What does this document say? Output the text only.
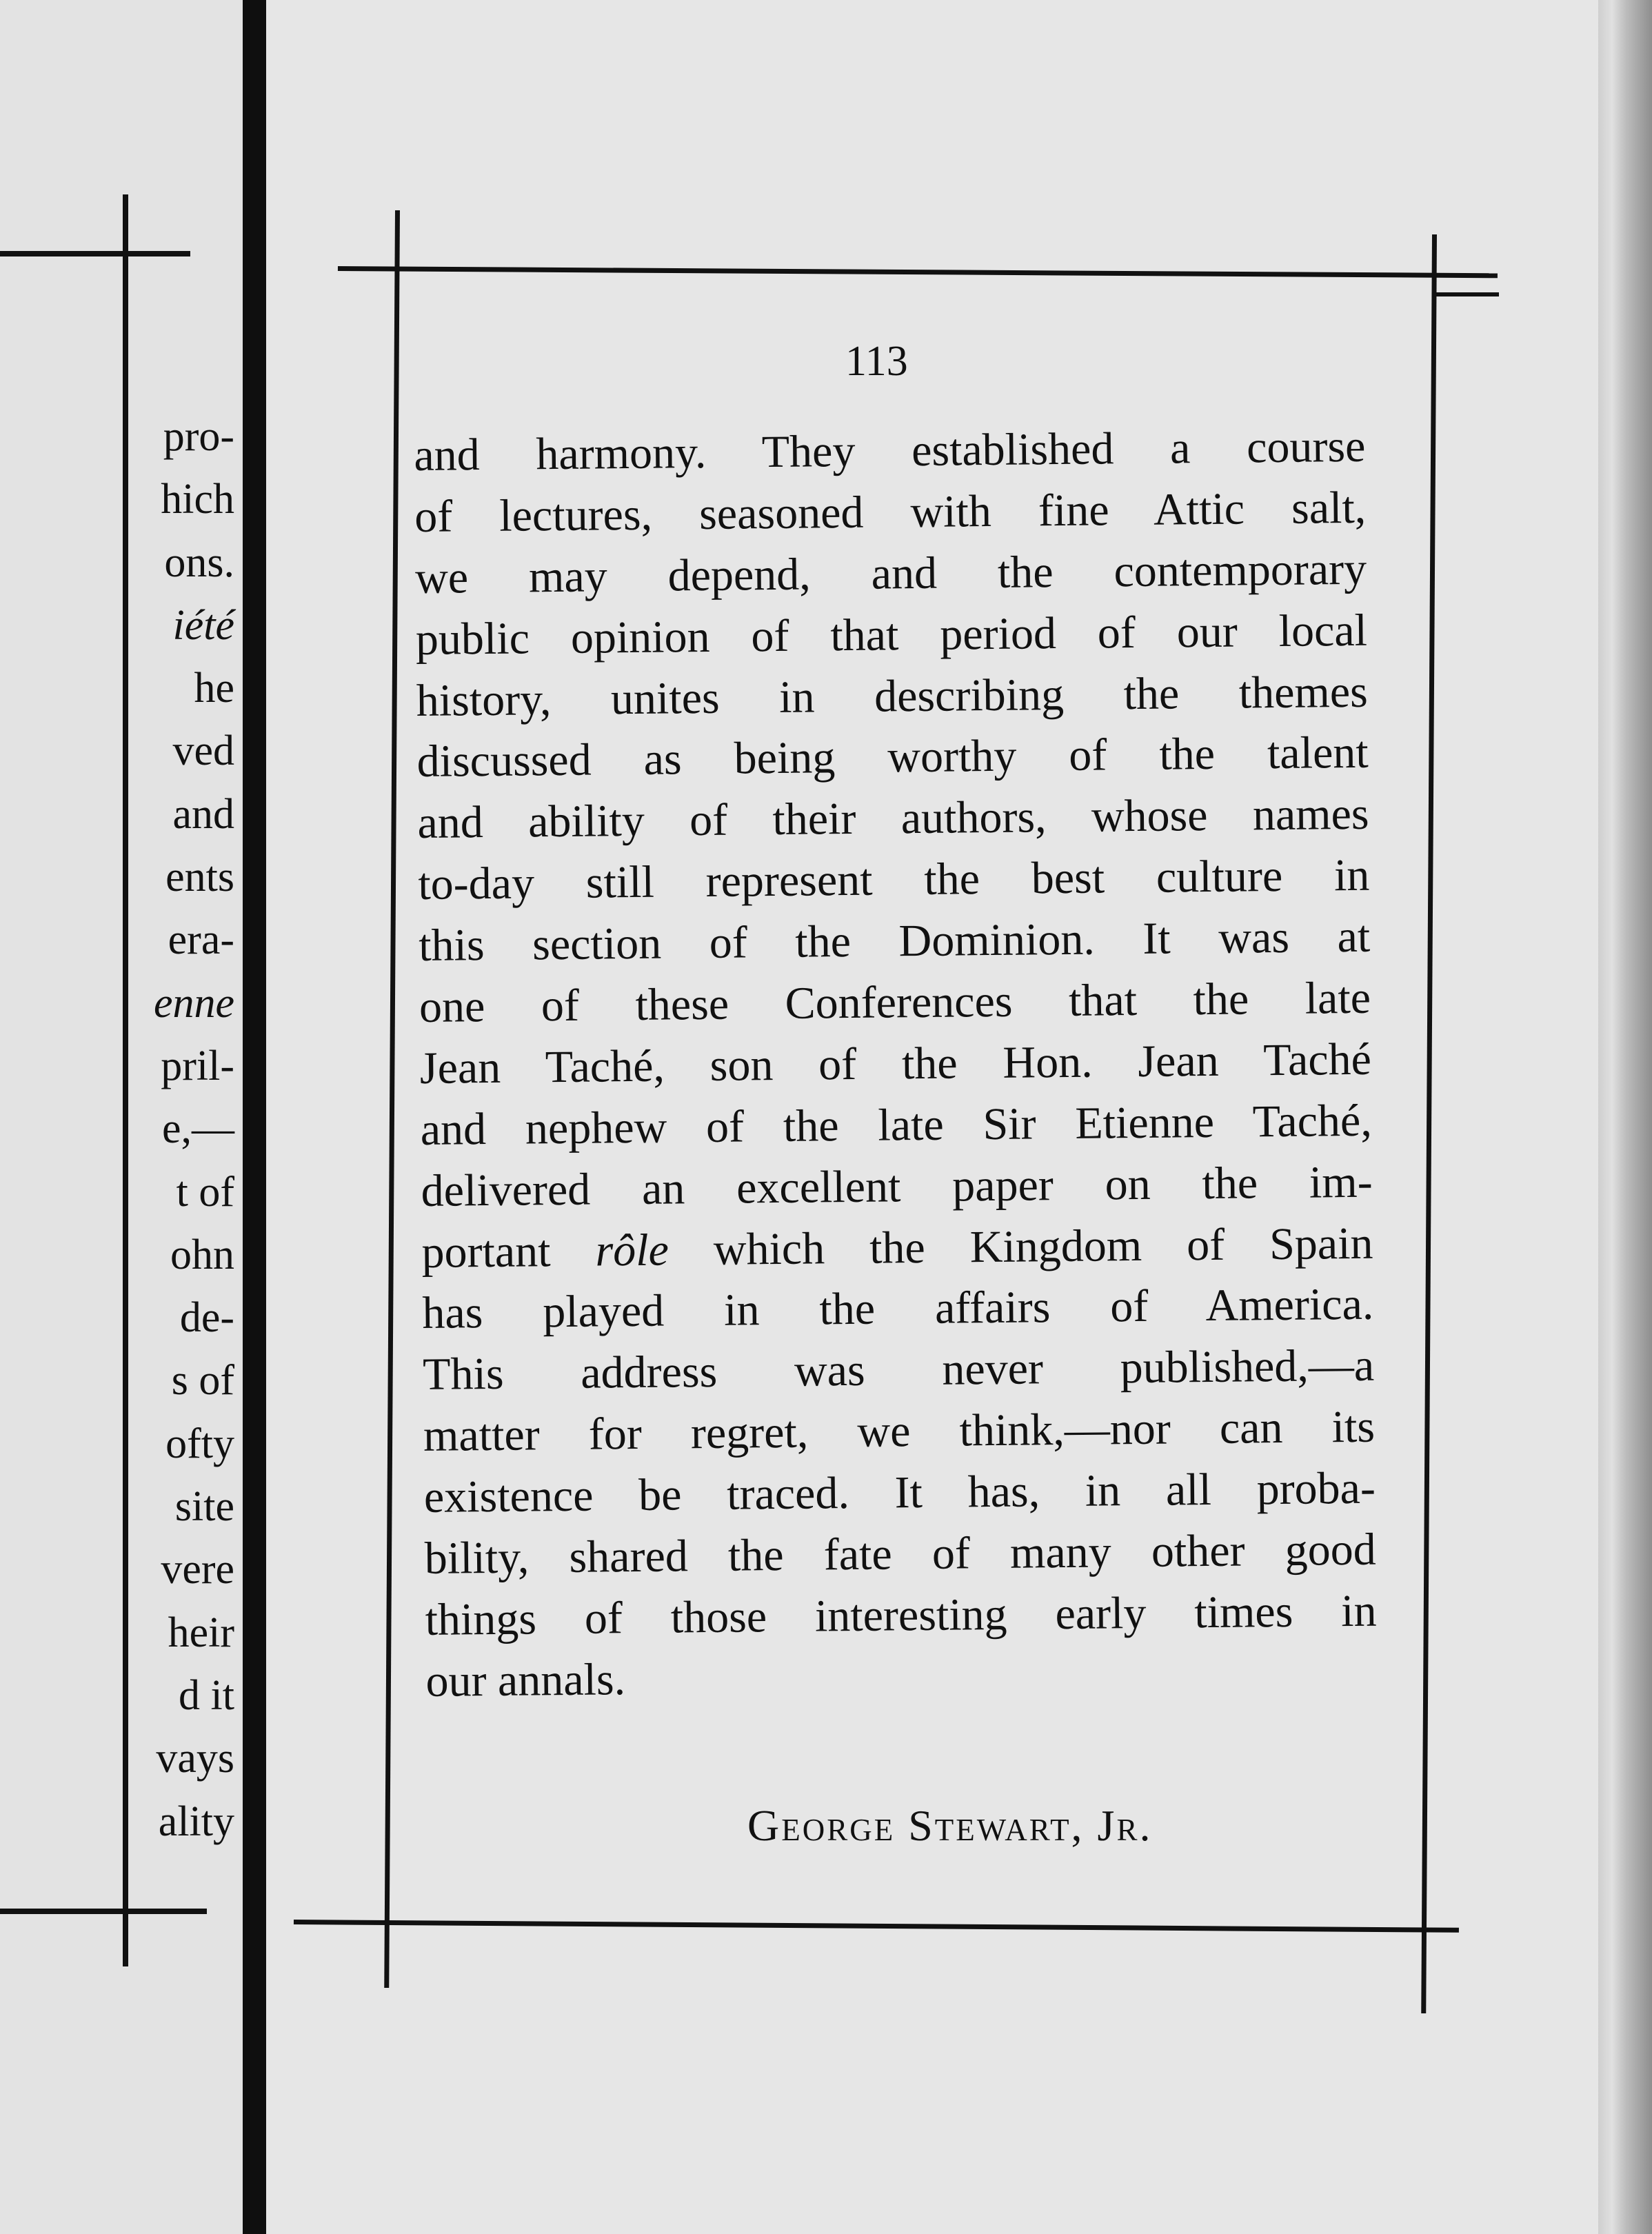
pro-
hich
ons.
iété
he
ved
and
ents
era-
enne
pril-
e,—
t of
ohn
de-
s of
ofty
site
vere
heir
d it
vays
ality
113
and harmony. They established a course
of lectures, seasoned with fine Attic salt,
we may depend, and the contemporary
public opinion of that period of our local
history, unites in describing the themes
discussed as being worthy of the talent
and ability of their authors, whose names
to-day still represent the best culture in
this section of the Dominion. It was at
one of these Conferences that the late
Jean Taché, son of the Hon. Jean Taché
and nephew of the late Sir Etienne Taché,
delivered an excellent paper on the im-
portant rôle which the Kingdom of Spain
has played in the affairs of America.
This address was never published,—a
matter for regret, we think,—nor can its
existence be traced. It has, in all proba-
bility, shared the fate of many other good
things of those interesting early times in
our annals.
George Stewart, Jr.
